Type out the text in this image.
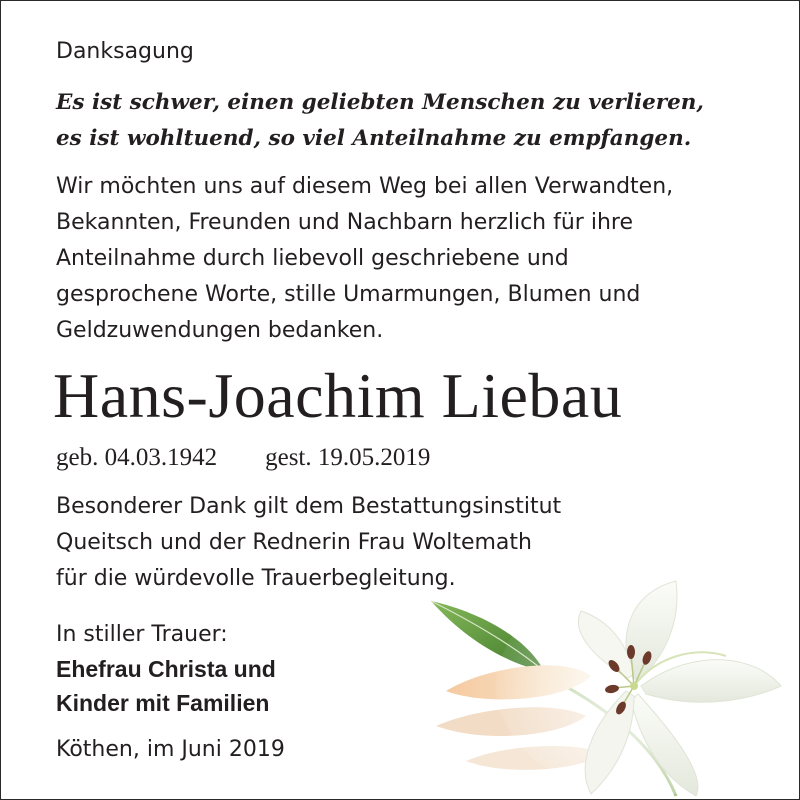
Danksagung

Es ist schwer, einen geliebten Menschen zu verlieren,
es ist wohltuend, so viel Anteilnahme zu empfangen.

Wir möchten uns auf diesem Weg bei allen Verwandten,
Bekannten, Freunden und Nachbarn herzlich für ihre
Anteilnahme durch liebevoll geschriebene und
gesprochene Worte, stille Umarmungen, Blumen und
Geldzuwendungen bedanken.

Hans-Joachim Liebau
geb. 04.03.1942 gest. 19.05.2019

Besonderer Dank gilt dem Bestattungsinstitut
Queitsch und der Rednerin Frau Woltemath
für die würdevolle Trauerbegleitung.

In stiller Trauer:
Ehefrau Christa und
Kinder mit Familien
Köthen, im Juni 2019
